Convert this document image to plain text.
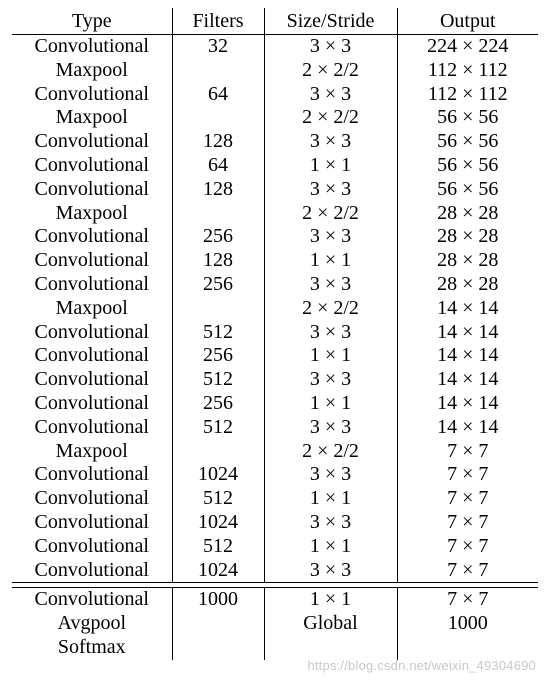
Type	Filters	Size/Stride	Output
Convolutional	32	3 × 3	224 × 224
Maxpool		2 × 2/2	112 × 112
Convolutional	64	3 × 3	112 × 112
Maxpool		2 × 2/2	56 × 56
Convolutional	128	3 × 3	56 × 56
Convolutional	64	1 × 1	56 × 56
Convolutional	128	3 × 3	56 × 56
Maxpool		2 × 2/2	28 × 28
Convolutional	256	3 × 3	28 × 28
Convolutional	128	1 × 1	28 × 28
Convolutional	256	3 × 3	28 × 28
Maxpool		2 × 2/2	14 × 14
Convolutional	512	3 × 3	14 × 14
Convolutional	256	1 × 1	14 × 14
Convolutional	512	3 × 3	14 × 14
Convolutional	256	1 × 1	14 × 14
Convolutional	512	3 × 3	14 × 14
Maxpool		2 × 2/2	7 × 7
Convolutional	1024	3 × 3	7 × 7
Convolutional	512	1 × 1	7 × 7
Convolutional	1024	3 × 3	7 × 7
Convolutional	512	1 × 1	7 × 7
Convolutional	1024	3 × 3	7 × 7

Convolutional	1000	1 × 1	7 × 7
Avgpool		Global	1000
Softmax			
https://blog.csdn.net/weixin_49304690
